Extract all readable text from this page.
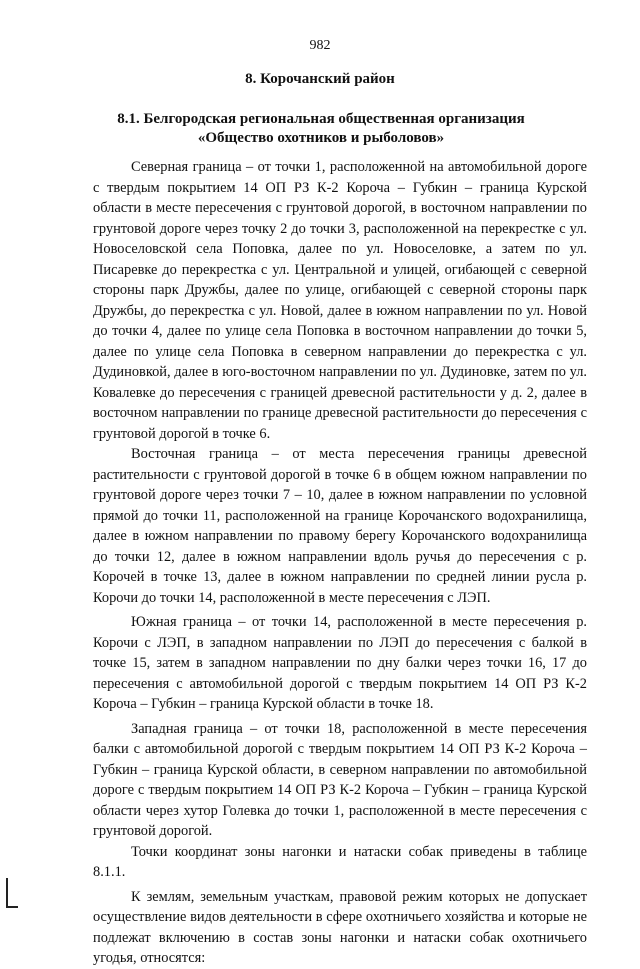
982
8. Корочанский район
8.1. Белгородская региональная общественная организация
«Общество охотников и рыболовов»

Северная граница – от точки 1, расположенной на автомобильной дороге с твердым покрытием 14 ОП РЗ К-2 Короча – Губкин – граница Курской области в месте пересечения с грунтовой дорогой, в восточном направлении по грунтовой дороге через точку 2 до точки 3, расположенной на перекрестке с ул. Новоселовской села Поповка, далее по ул. Новоселовке, а затем по ул. Писаревке до перекрестка с ул. Центральной и улицей, огибающей с северной стороны парк Дружбы, далее по улице, огибающей с северной стороны парк Дружбы, до перекрестка с ул. Новой, далее в южном направлении по ул. Новой до точки 4, далее по улице села Поповка в восточном направлении до точки 5, далее по улице села Поповка в северном направлении до перекрестка с ул. Дудиновкой, далее в юго-восточном направлении по ул. Дудиновке, затем по ул. Ковалевке до пересечения с границей древесной растительности у д. 2, далее в восточном направлении по границе древесной растительности до пересечения с грунтовой дорогой в точке 6.

Восточная граница – от места пересечения границы древесной растительности с грунтовой дорогой в точке 6 в общем южном направлении по грунтовой дороге через точки 7 – 10, далее в южном направлении по условной прямой до точки 11, расположенной на границе Корочанского водохранилища, далее в южном направлении по правому берегу Корочанского водохранилища до точки 12, далее в южном направлении вдоль ручья до пересечения с р. Корочей в точке 13, далее в южном направлении по средней линии русла р. Корочи до точки 14, расположенной в месте пересечения с ЛЭП.

Южная граница – от точки 14, расположенной в месте пересечения р. Корочи с ЛЭП, в западном направлении по ЛЭП до пересечения с балкой в точке 15, затем в западном направлении по дну балки через точки 16, 17 до пересечения с автомобильной дорогой с твердым покрытием 14 ОП РЗ К-2 Короча – Губкин – граница Курской области в точке 18.

Западная граница – от точки 18, расположенной в месте пересечения балки с автомобильной дорогой с твердым покрытием 14 ОП РЗ К-2 Короча – Губкин – граница Курской области, в северном направлении по автомобильной дороге с твердым покрытием 14 ОП РЗ К-2 Короча – Губкин – граница Курской области через хутор Голевка до точки 1, расположенной в месте пересечения с грунтовой дорогой.

Точки координат зоны нагонки и натаски собак приведены в таблице 8.1.1.

К землям, земельным участкам, правовой режим которых не допускает осуществление видов деятельности в сфере охотничьего хозяйства и которые не подлежат включению в состав зоны нагонки и натаски собак охотничьего угодья, относятся:
